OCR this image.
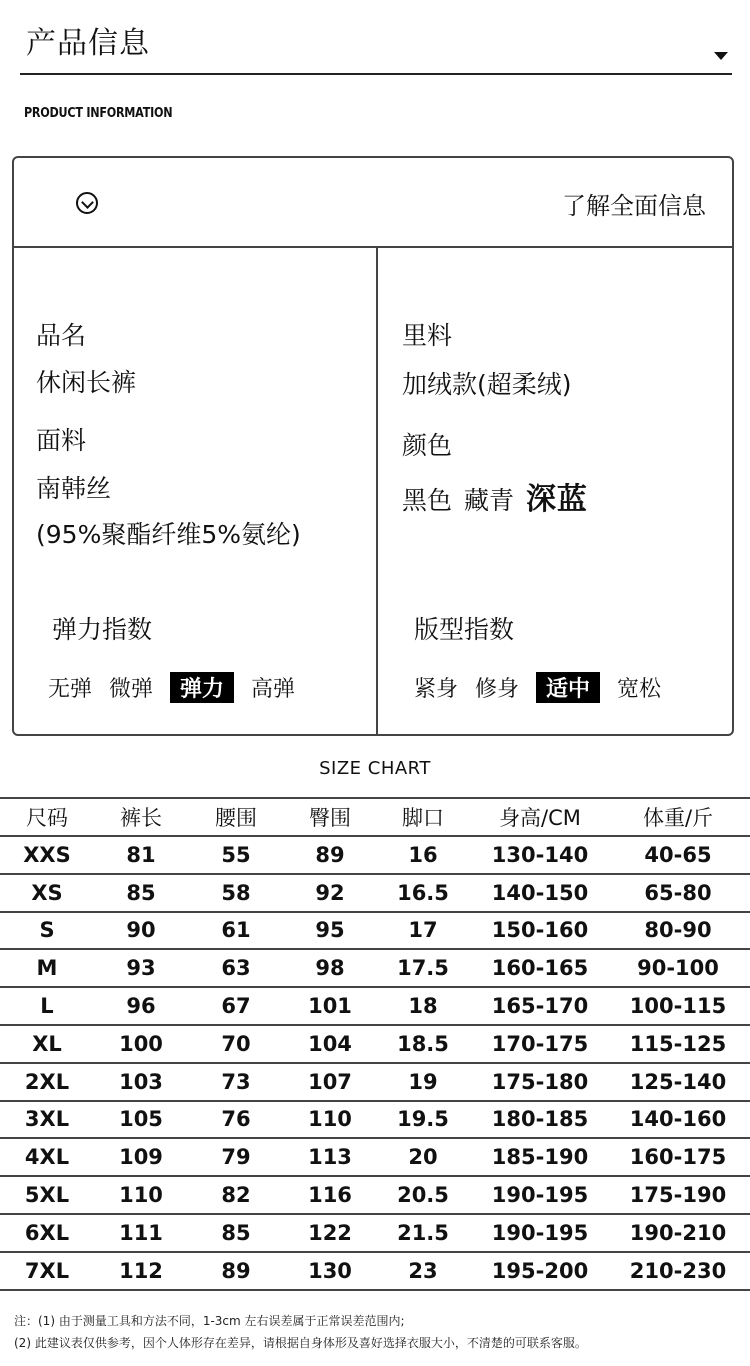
产品信息
PRODUCT INFORMATION
了解全面信息
品名
休闲长裤
面料
南韩丝
(95%聚酯纤维5%氨纶)
弹力指数
无弹 微弹 弹力 高弹
里料
加绒款(超柔绒)
颜色
黑色 藏青 深蓝
版型指数
紧身 修身 适中 宽松
SIZE CHART
尺码	裤长	腰围	臀围	脚口	身高/CM	体重/斤
XXS	81	55	89	16	130-140	40-65
XS	85	58	92	16.5	140-150	65-80
S	90	61	95	17	150-160	80-90
M	93	63	98	17.5	160-165	90-100
L	96	67	101	18	165-170	100-115
XL	100	70	104	18.5	170-175	115-125
2XL	103	73	107	19	175-180	125-140
3XL	105	76	110	19.5	180-185	140-160
4XL	109	79	113	20	185-190	160-175
5XL	110	82	116	20.5	190-195	175-190
6XL	111	85	122	21.5	190-195	190-210
7XL	112	89	130	23	195-200	210-230
注：(1) 由于测量工具和方法不同，1-3cm 左右误差属于正常误差范围内;
(2) 此建议表仅供参考，因个人体形存在差异，请根据自身体形及喜好选择衣服大小，不清楚的可联系客服。
